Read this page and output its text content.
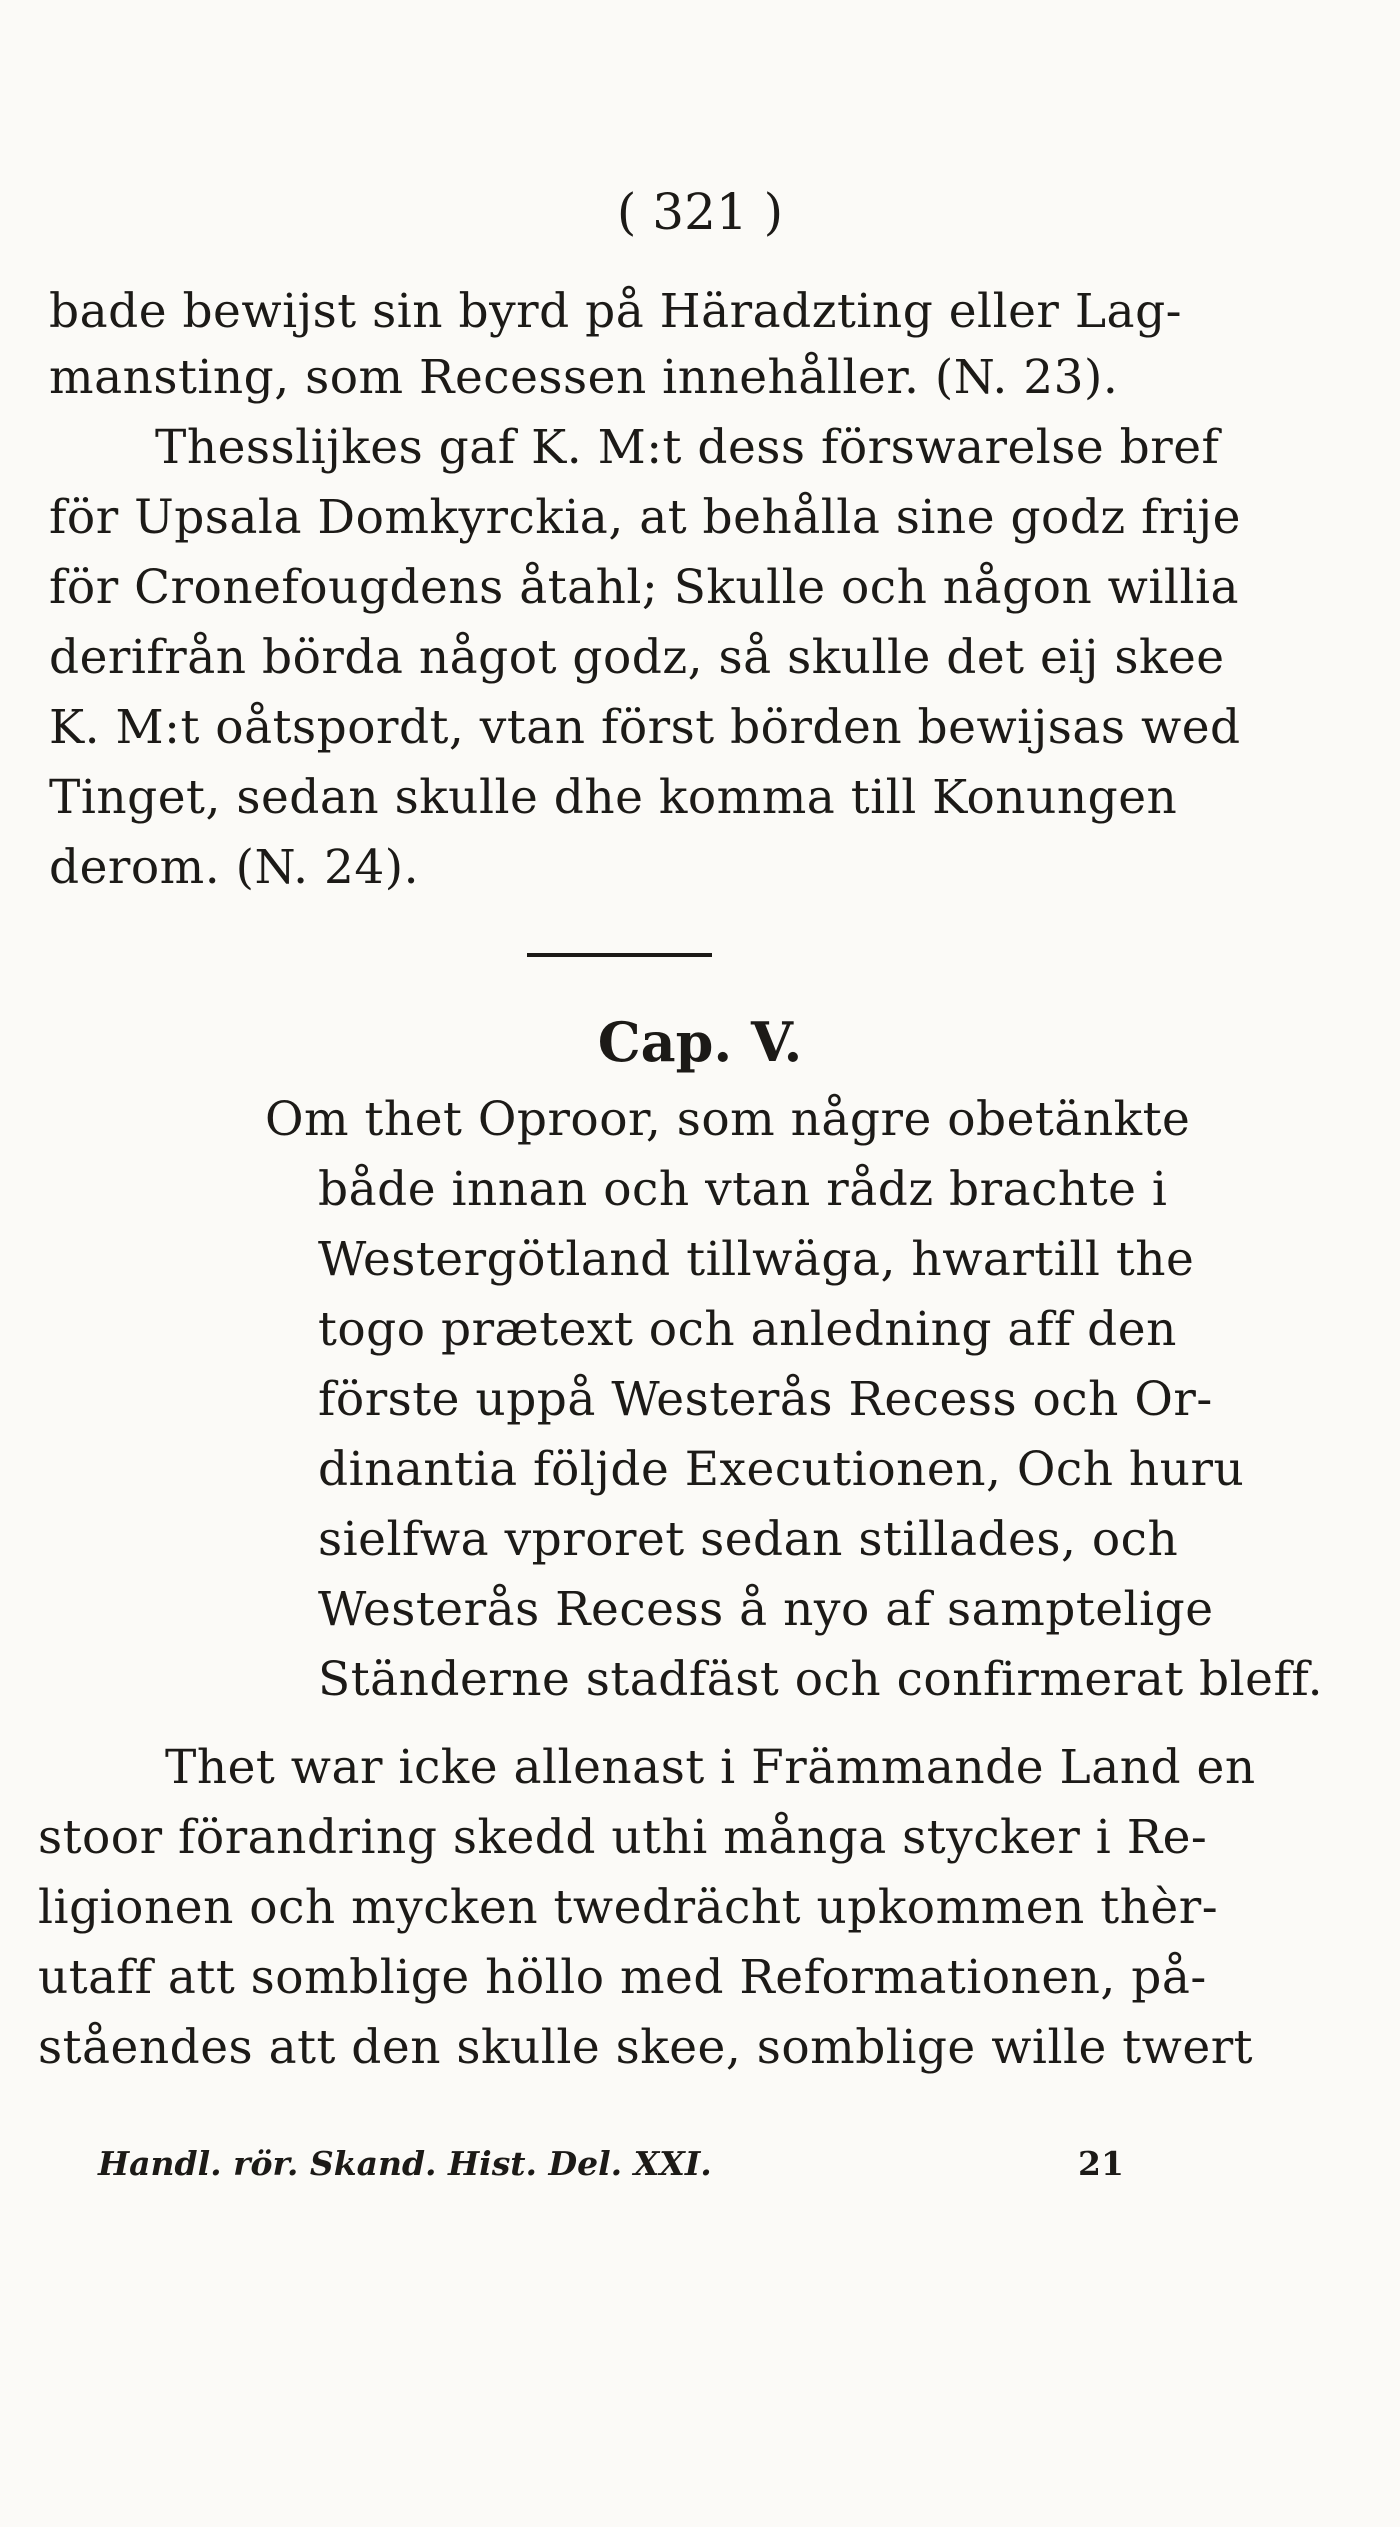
( 321 )
bade bewijst sin byrd på Häradzting eller Lag-
mansting, som Recessen innehåller. (N. 23).
Thesslijkes gaf K. M:t dess förswarelse bref
för Upsala Domkyrckia, at behålla sine godz frije
för Cronefougdens åtahl; Skulle och någon willia
derifrån börda något godz, så skulle det eij skee
K. M:t oåtspordt, vtan först börden bewijsas wed
Tinget, sedan skulle dhe komma till Konungen
derom. (N. 24).
Cap. V.
Om thet Oproor, som någre obetänkte
både innan och vtan rådz brachte i
Westergötland tillwäga, hwartill the
togo prætext och anledning aff den
förste uppå Westerås Recess och Or-
dinantia följde Executionen, Och huru
sielfwa vproret sedan stillades, och
Westerås Recess å nyo af samptelige
Ständerne stadfäst och confirmerat bleff.
Thet war icke allenast i Främmande Land en
stoor förandring skedd uthi många stycker i Re-
ligionen och mycken twedrächt upkommen thèr-
utaff att somblige höllo med Reformationen, på-
ståendes att den skulle skee, somblige wille twert
Handl. rör. Skand. Hist. Del. XXI.	21
